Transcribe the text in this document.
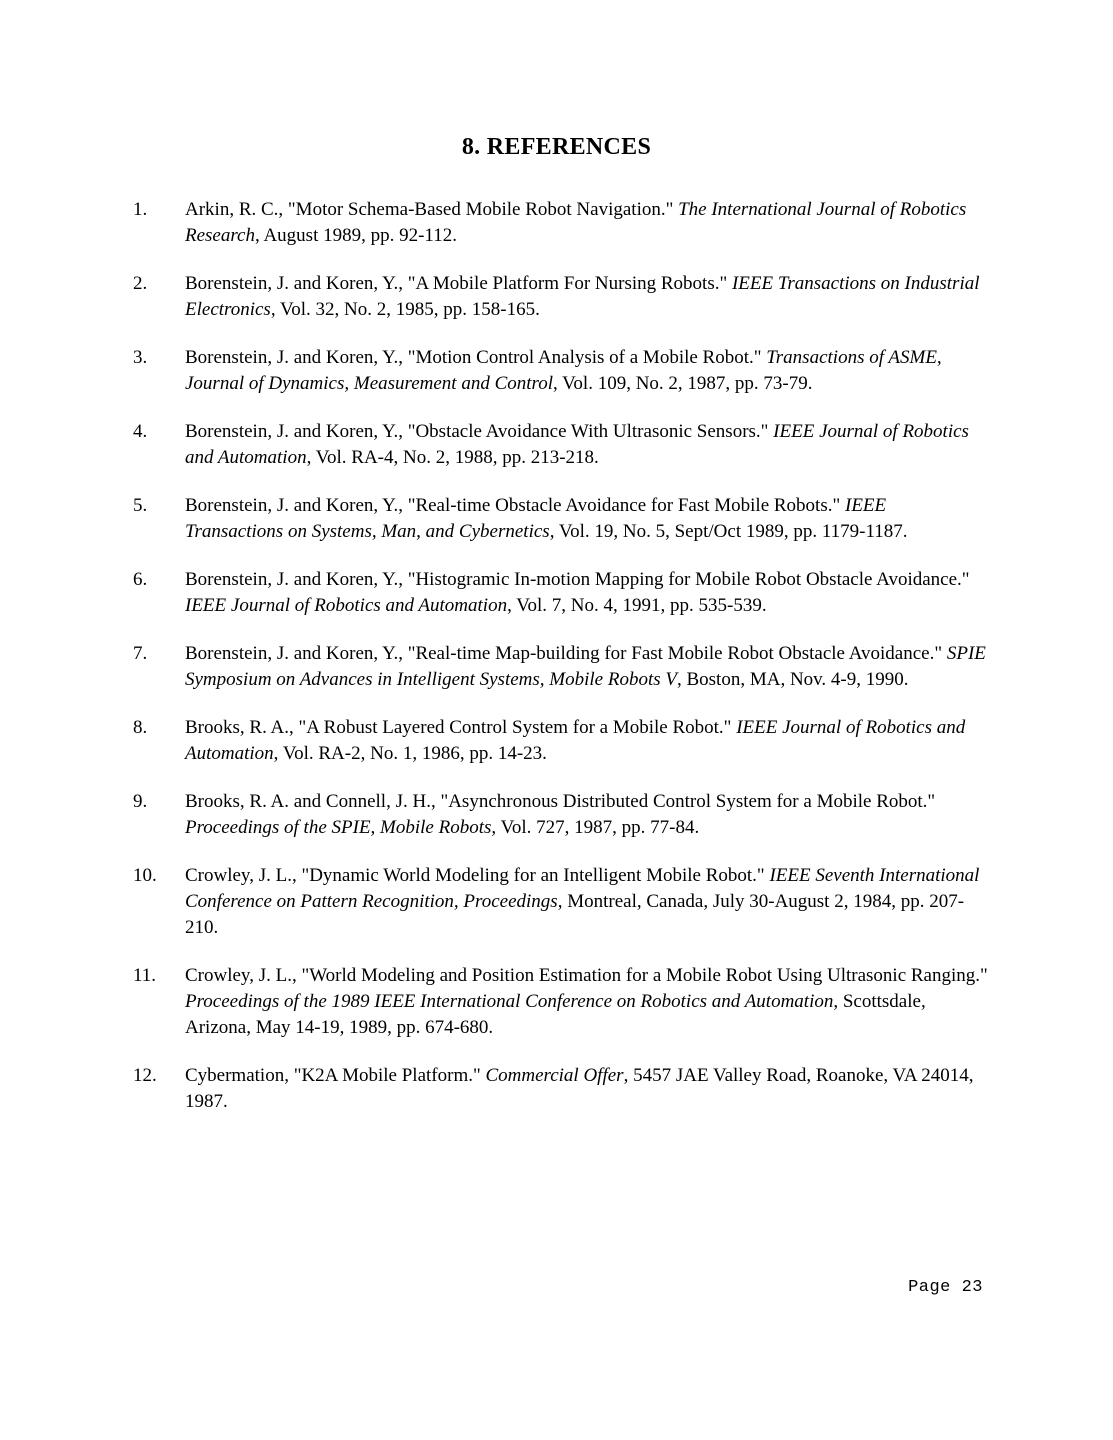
8. REFERENCES
1.	Arkin, R. C., "Motor Schema-Based Mobile Robot Navigation." The International Journal of Robotics Research, August 1989, pp. 92-112.
2.	Borenstein, J. and Koren, Y., "A Mobile Platform For Nursing Robots." IEEE Transactions on Industrial Electronics, Vol. 32, No. 2, 1985, pp. 158-165.
3.	Borenstein, J. and Koren, Y., "Motion Control Analysis of a Mobile Robot." Transactions of ASME, Journal of Dynamics, Measurement and Control, Vol. 109, No. 2, 1987, pp. 73-79.
4.	Borenstein, J. and Koren, Y., "Obstacle Avoidance With Ultrasonic Sensors." IEEE Journal of Robotics and Automation, Vol. RA-4, No. 2, 1988, pp. 213-218.
5.	Borenstein, J. and Koren, Y., "Real-time Obstacle Avoidance for Fast Mobile Robots." IEEE Transactions on Systems, Man, and Cybernetics, Vol. 19, No. 5, Sept/Oct 1989, pp. 1179-1187.
6.	Borenstein, J. and Koren, Y., "Histogramic In-motion Mapping for Mobile Robot Obstacle Avoidance." IEEE Journal of Robotics and Automation, Vol. 7, No. 4, 1991, pp. 535-539.
7.	Borenstein, J. and Koren, Y., "Real-time Map-building for Fast Mobile Robot Obstacle Avoidance." SPIE Symposium on Advances in Intelligent Systems, Mobile Robots V, Boston, MA, Nov. 4-9, 1990.
8.	Brooks, R. A., "A Robust Layered Control System for a Mobile Robot." IEEE Journal of Robotics and Automation, Vol. RA-2, No. 1, 1986, pp. 14-23.
9.	Brooks, R. A. and Connell, J. H., "Asynchronous Distributed Control System for a Mobile Robot." Proceedings of the SPIE, Mobile Robots, Vol. 727, 1987, pp. 77-84.
10.	Crowley, J. L., "Dynamic World Modeling for an Intelligent Mobile Robot." IEEE Seventh International Conference on Pattern Recognition, Proceedings, Montreal, Canada, July 30-August 2, 1984, pp. 207-210.
11.	Crowley, J. L., "World Modeling and Position Estimation for a Mobile Robot Using Ultrasonic Ranging." Proceedings of the 1989 IEEE International Conference on Robotics and Automation, Scottsdale, Arizona, May 14-19, 1989, pp. 674-680.
12.	Cybermation, "K2A Mobile Platform." Commercial Offer, 5457 JAE Valley Road, Roanoke, VA 24014, 1987.
Page 23
